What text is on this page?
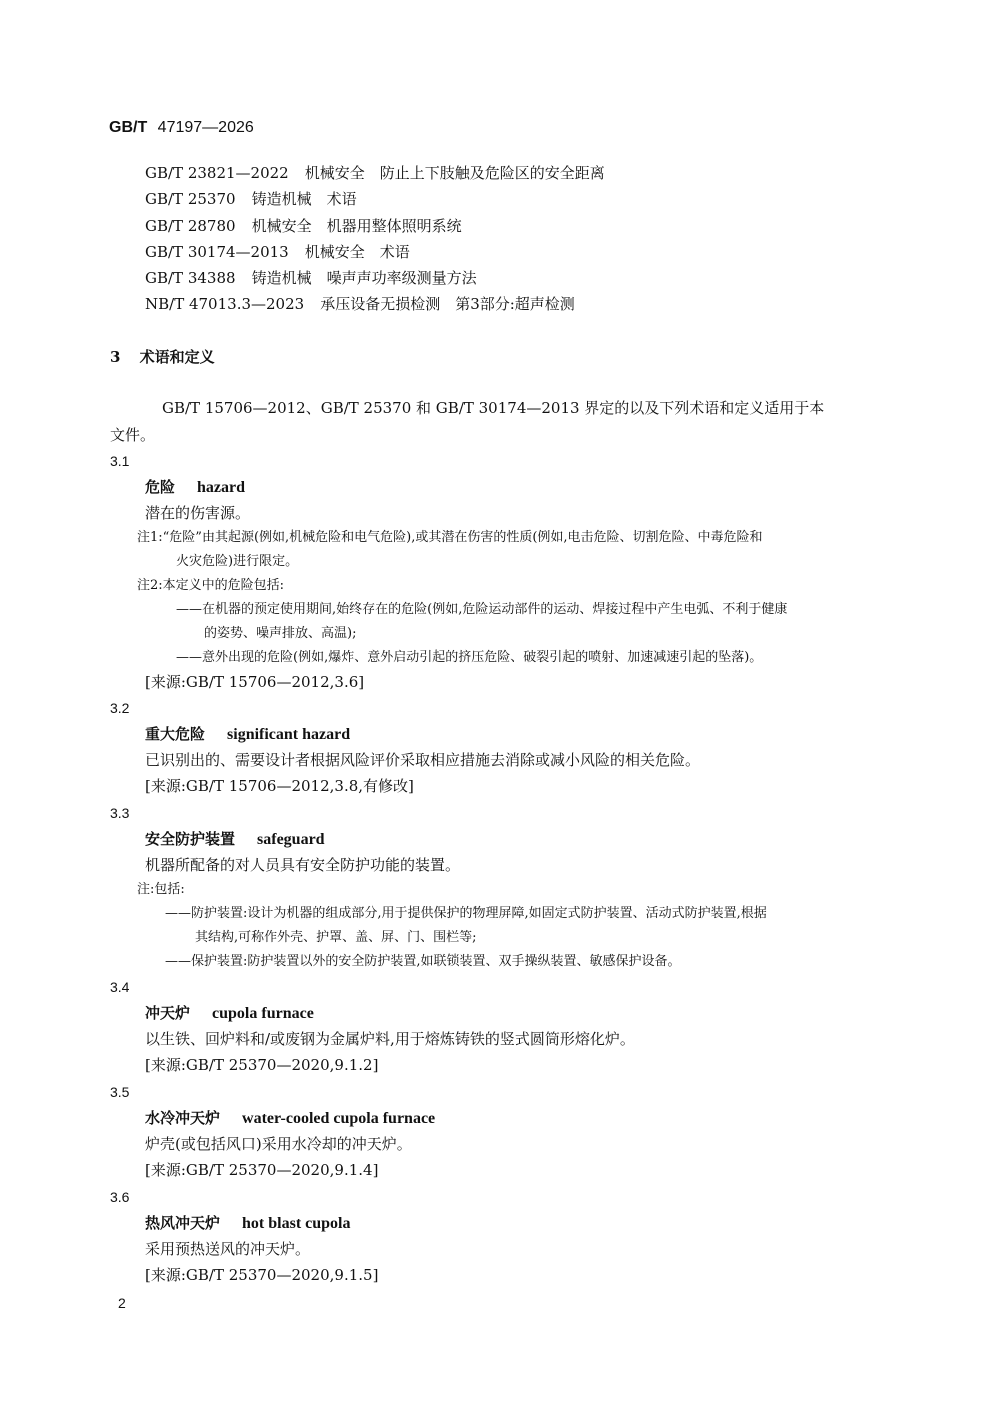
GB/T 47197—2026
GB/T 23821—2022 机械安全　防止上下肢触及危险区的安全距离
GB/T 25370 铸造机械　术语
GB/T 28780 机械安全　机器用整体照明系统
GB/T 30174—2013 机械安全　术语
GB/T 34388 铸造机械　噪声声功率级测量方法
NB/T 47013.3—2023 承压设备无损检测　第3部分:超声检测
3 术语和定义
GB/T 15706—2012、GB/T 25370 和 GB/T 30174—2013 界定的以及下列术语和定义适用于本
文件。
3.1
危险 hazard
潜在的伤害源。
注1:“危险”由其起源(例如,机械危险和电气危险),或其潜在伤害的性质(例如,电击危险、切割危险、中毒危险和
火灾危险)进行限定。
注2:本定义中的危险包括:
——在机器的预定使用期间,始终存在的危险(例如,危险运动部件的运动、焊接过程中产生电弧、不利于健康
的姿势、噪声排放、高温);
——意外出现的危险(例如,爆炸、意外启动引起的挤压危险、破裂引起的喷射、加速减速引起的坠落)。
[来源:GB/T 15706—2012,3.6]
3.2
重大危险 significant hazard
已识别出的、需要设计者根据风险评价采取相应措施去消除或减小风险的相关危险。
[来源:GB/T 15706—2012,3.8,有修改]
3.3
安全防护装置 safeguard
机器所配备的对人员具有安全防护功能的装置。
注:包括:
——防护装置:设计为机器的组成部分,用于提供保护的物理屏障,如固定式防护装置、活动式防护装置,根据
其结构,可称作外壳、护罩、盖、屏、门、围栏等;
——保护装置:防护装置以外的安全防护装置,如联锁装置、双手操纵装置、敏感保护设备。
3.4
冲天炉 cupola furnace
以生铁、回炉料和/或废钢为金属炉料,用于熔炼铸铁的竖式圆筒形熔化炉。
[来源:GB/T 25370—2020,9.1.2]
3.5
水冷冲天炉 water-cooled cupola furnace
炉壳(或包括风口)采用水冷却的冲天炉。
[来源:GB/T 25370—2020,9.1.4]
3.6
热风冲天炉 hot blast cupola
采用预热送风的冲天炉。
[来源:GB/T 25370—2020,9.1.5]
2
